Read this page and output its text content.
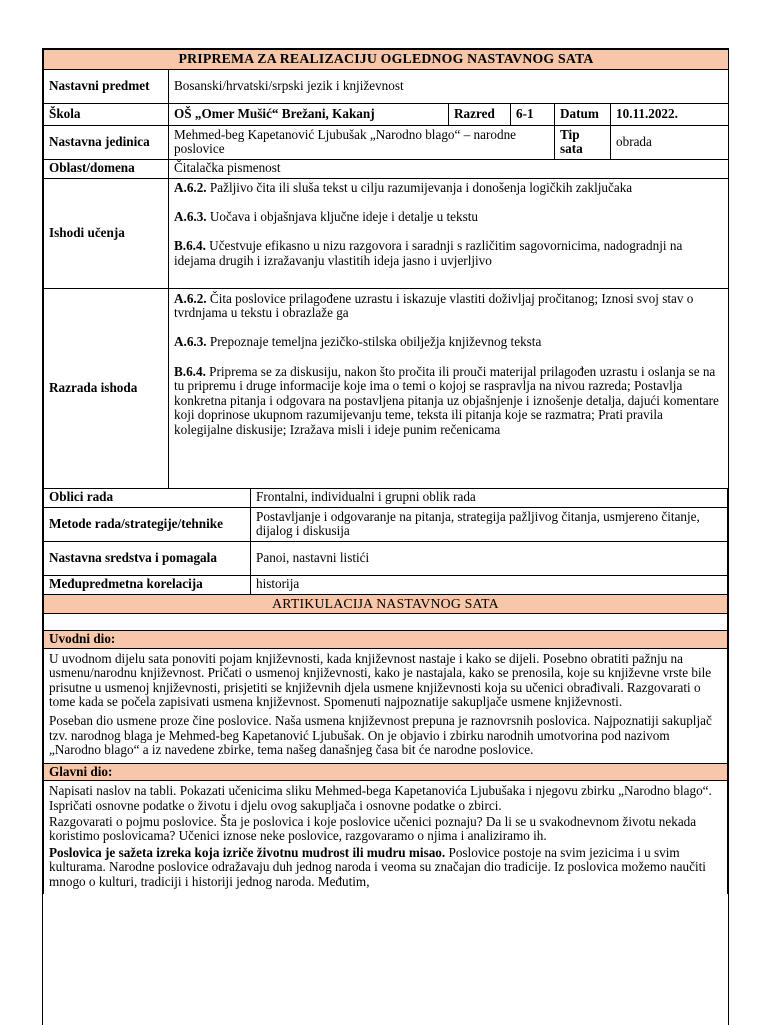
PRIPREMA ZA REALIZACIJU OGLEDNOG NASTAVNOG SATA					
Nastavni predmet	Bosanski/hrvatski/srpski jezik i književnost				
Škola	OŠ „Omer Mušić“ Brežani, Kakanj	Razred	6-1	Datum	10.11.2022.
Nastavna jedinica	Mehmed-beg Kapetanović Ljubušak „Narodno blago“ – narodne poslovice			Tip sata	obrada
Oblast/domena	Čitalačka pismenost				
Ishodi učenja	A.6.2. Pažljivo čita ili sluša tekst u cilju razumijevanja i donošenja logičkih zaključaka

A.6.3. Uočava i objašnjava ključne ideje i detalje u tekstu

B.6.4. Učestvuje efikasno u nizu razgovora i saradnji s različitim sagovornicima, nadogradnji na idejama drugih i izražavanju vlastitih ideja jasno i uvjerljivo				

Razrada ishoda	A.6.2. Čita poslovice prilagođene uzrastu i iskazuje vlastiti doživljaj pročitanog; Iznosi svoj stav o tvrdnjama u tekstu i obrazlaže ga

A.6.3. Prepoznaje temeljna jezičko-stilska obilježja književnog teksta

B.6.4. Priprema se za diskusiju, nakon što pročita ili prouči materijal prilagođen uzrastu i oslanja se na tu pripremu i druge informacije koje ima o temi o kojoj se raspravlja na nivou razreda; Postavlja konkretna pitanja i odgovara na postavljena pitanja uz objašnjenje i iznošenje detalja, dajući komentare koji doprinose ukupnom razumijevanju teme, teksta ili pitanja koje se razmatra; Prati pravila kolegijalne diskusije; Izražava misli i ideje punim rečenicama				

Oblici rada	Frontalni, individualni i grupni oblik rada
Metode rada/strategije/tehnike	Postavljanje i odgovaranje na pitanja, strategija pažljivog čitanja, usmjereno čitanje, dijalog i diskusija
Nastavna sredstva i pomagala	Panoi, nastavni listići
Međupredmetna korelacija	historija
ARTIKULACIJA NASTAVNOG SATA

Uvodni dio:

U uvodnom dijelu sata ponoviti pojam književnosti, kada književnost nastaje i kako se dijeli. Posebno obratiti pažnju na usmenu/narodnu književnost. Pričati o usmenoj književnosti, kako je nastajala, kako se prenosila, koje su književne vrste bile prisutne u usmenoj književnosti, prisjetiti se književnih djela usmene književnosti koja su učenici obrađivali. Razgovarati o tome kada se počela zapisivati usmena književnost. Spomenuti najpoznatije sakupljače usmene književnosti.

Poseban dio usmene proze čine poslovice. Naša usmena književnost prepuna je raznovrsnih poslovica. Najpoznatiji sakupljač tzv. narodnog blaga je Mehmed-beg Kapetanović Ljubušak. On je objavio i zbirku narodnih umotvorina pod nazivom „Narodno blago“ a iz navedene zbirke, tema našeg današnjeg časa bit će narodne poslovice.

Glavni dio:

Napisati naslov na tabli. Pokazati učenicima sliku Mehmed-bega Kapetanovića Ljubušaka i njegovu zbirku „Narodno blago“. Ispričati osnovne podatke o životu i djelu ovog sakupljača i osnovne podatke o zbirci.

Razgovarati o pojmu poslovice. Šta je poslovica i koje poslovice učenici poznaju? Da li se u svakodnevnom životu nekada koristimo poslovicama? Učenici iznose neke poslovice, razgovaramo o njima i analiziramo ih.

Poslovica je sažeta izreka koja izriče životnu mudrost ili mudru misao. Poslovice postoje na svim jezicima i u svim kulturama. Narodne poslovice odražavaju duh jednog naroda i veoma su značajan dio tradicije. Iz poslovica možemo naučiti mnogo o kulturi, tradiciji i historiji jednog naroda. Međutim,
